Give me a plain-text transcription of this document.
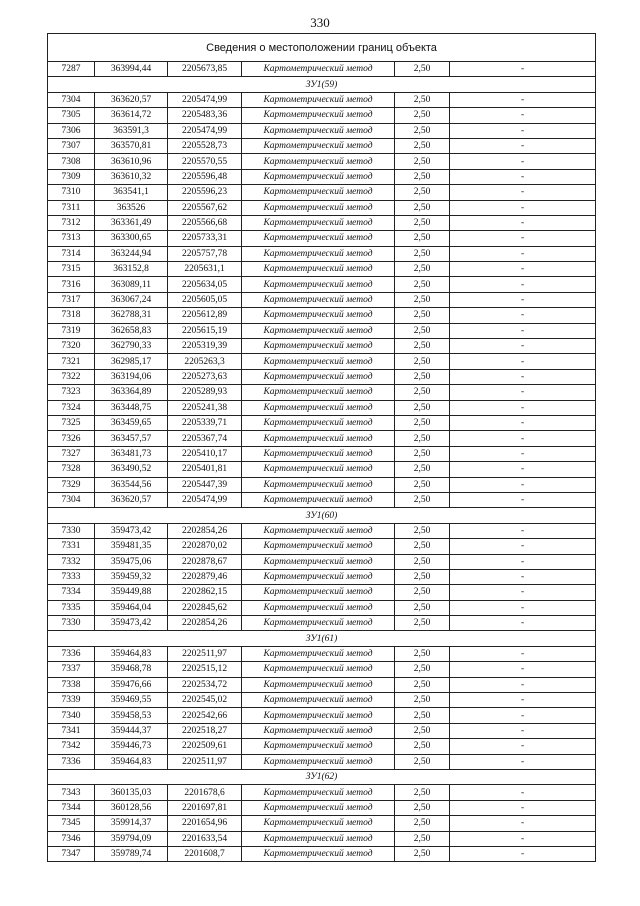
330
Сведения о местоположении границ объекта					
7287	363994,44	2205673,85	Картометрический метод	2,50	-
ЗУ1(59)					
7304	363620,57	2205474,99	Картометрический метод	2,50	-
7305	363614,72	2205483,36	Картометрический метод	2,50	-
7306	363591,3	2205474,99	Картометрический метод	2,50	-
7307	363570,81	2205528,73	Картометрический метод	2,50	-
7308	363610,96	2205570,55	Картометрический метод	2,50	-
7309	363610,32	2205596,48	Картометрический метод	2,50	-
7310	363541,1	2205596,23	Картометрический метод	2,50	-
7311	363526	2205567,62	Картометрический метод	2,50	-
7312	363361,49	2205566,68	Картометрический метод	2,50	-
7313	363300,65	2205733,31	Картометрический метод	2,50	-
7314	363244,94	2205757,78	Картометрический метод	2,50	-
7315	363152,8	2205631,1	Картометрический метод	2,50	-
7316	363089,11	2205634,05	Картометрический метод	2,50	-
7317	363067,24	2205605,05	Картометрический метод	2,50	-
7318	362788,31	2205612,89	Картометрический метод	2,50	-
7319	362658,83	2205615,19	Картометрический метод	2,50	-
7320	362790,33	2205319,39	Картометрический метод	2,50	-
7321	362985,17	2205263,3	Картометрический метод	2,50	-
7322	363194,06	2205273,63	Картометрический метод	2,50	-
7323	363364,89	2205289,93	Картометрический метод	2,50	-
7324	363448,75	2205241,38	Картометрический метод	2,50	-
7325	363459,65	2205339,71	Картометрический метод	2,50	-
7326	363457,57	2205367,74	Картометрический метод	2,50	-
7327	363481,73	2205410,17	Картометрический метод	2,50	-
7328	363490,52	2205401,81	Картометрический метод	2,50	-
7329	363544,56	2205447,39	Картометрический метод	2,50	-
7304	363620,57	2205474,99	Картометрический метод	2,50	-
ЗУ1(60)					
7330	359473,42	2202854,26	Картометрический метод	2,50	-
7331	359481,35	2202870,02	Картометрический метод	2,50	-
7332	359475,06	2202878,67	Картометрический метод	2,50	-
7333	359459,32	2202879,46	Картометрический метод	2,50	-
7334	359449,88	2202862,15	Картометрический метод	2,50	-
7335	359464,04	2202845,62	Картометрический метод	2,50	-
7330	359473,42	2202854,26	Картометрический метод	2,50	-
ЗУ1(61)					
7336	359464,83	2202511,97	Картометрический метод	2,50	-
7337	359468,78	2202515,12	Картометрический метод	2,50	-
7338	359476,66	2202534,72	Картометрический метод	2,50	-
7339	359469,55	2202545,02	Картометрический метод	2,50	-
7340	359458,53	2202542,66	Картометрический метод	2,50	-
7341	359444,37	2202518,27	Картометрический метод	2,50	-
7342	359446,73	2202509,61	Картометрический метод	2,50	-
7336	359464,83	2202511,97	Картометрический метод	2,50	-
ЗУ1(62)					
7343	360135,03	2201678,6	Картометрический метод	2,50	-
7344	360128,56	2201697,81	Картометрический метод	2,50	-
7345	359914,37	2201654,96	Картометрический метод	2,50	-
7346	359794,09	2201633,54	Картометрический метод	2,50	-
7347	359789,74	2201608,7	Картометрический метод	2,50	-
